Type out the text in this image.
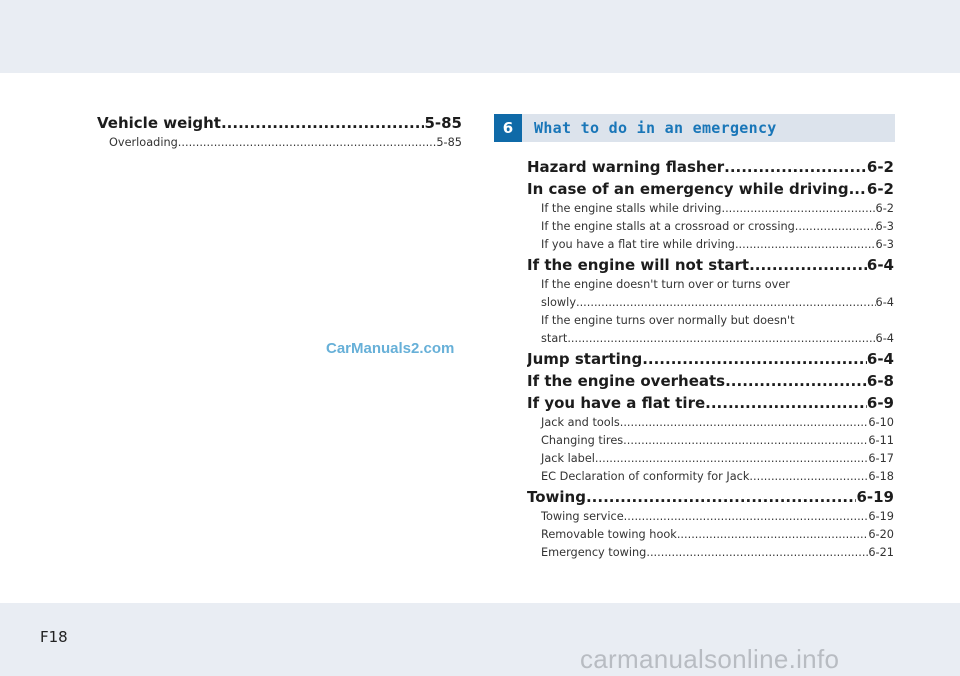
Vehicle weight .....	5-85
Overloading .....	5-85
6	What to do in an emergency
Hazard warning flasher .....	6-2
In case of an emergency while driving ..... 6-2
If the engine stalls while driving .....	6-2
If the engine stalls at a crossroad or crossing .....	6-3
If you have a flat tire while driving .....	6-3
If the engine will not start .....	6-4
If the engine doesn't turn over or turns over
slowly .....	6-4
If the engine turns over normally but doesn't
start .....	6-4
Jump starting .....	6-4
If the engine overheats .....	6-8
If you have a flat tire .....	6-9
Jack and tools .....	6-10
Changing tires .....	6-11
Jack label .....	6-17
EC Declaration of conformity for Jack .....	6-18
Towing .....	6-19
Towing service .....	6-19
Removable towing hook .....	6-20
Emergency towing .....	6-21
CarManuals2.com
F18
carmanualsonline.info
